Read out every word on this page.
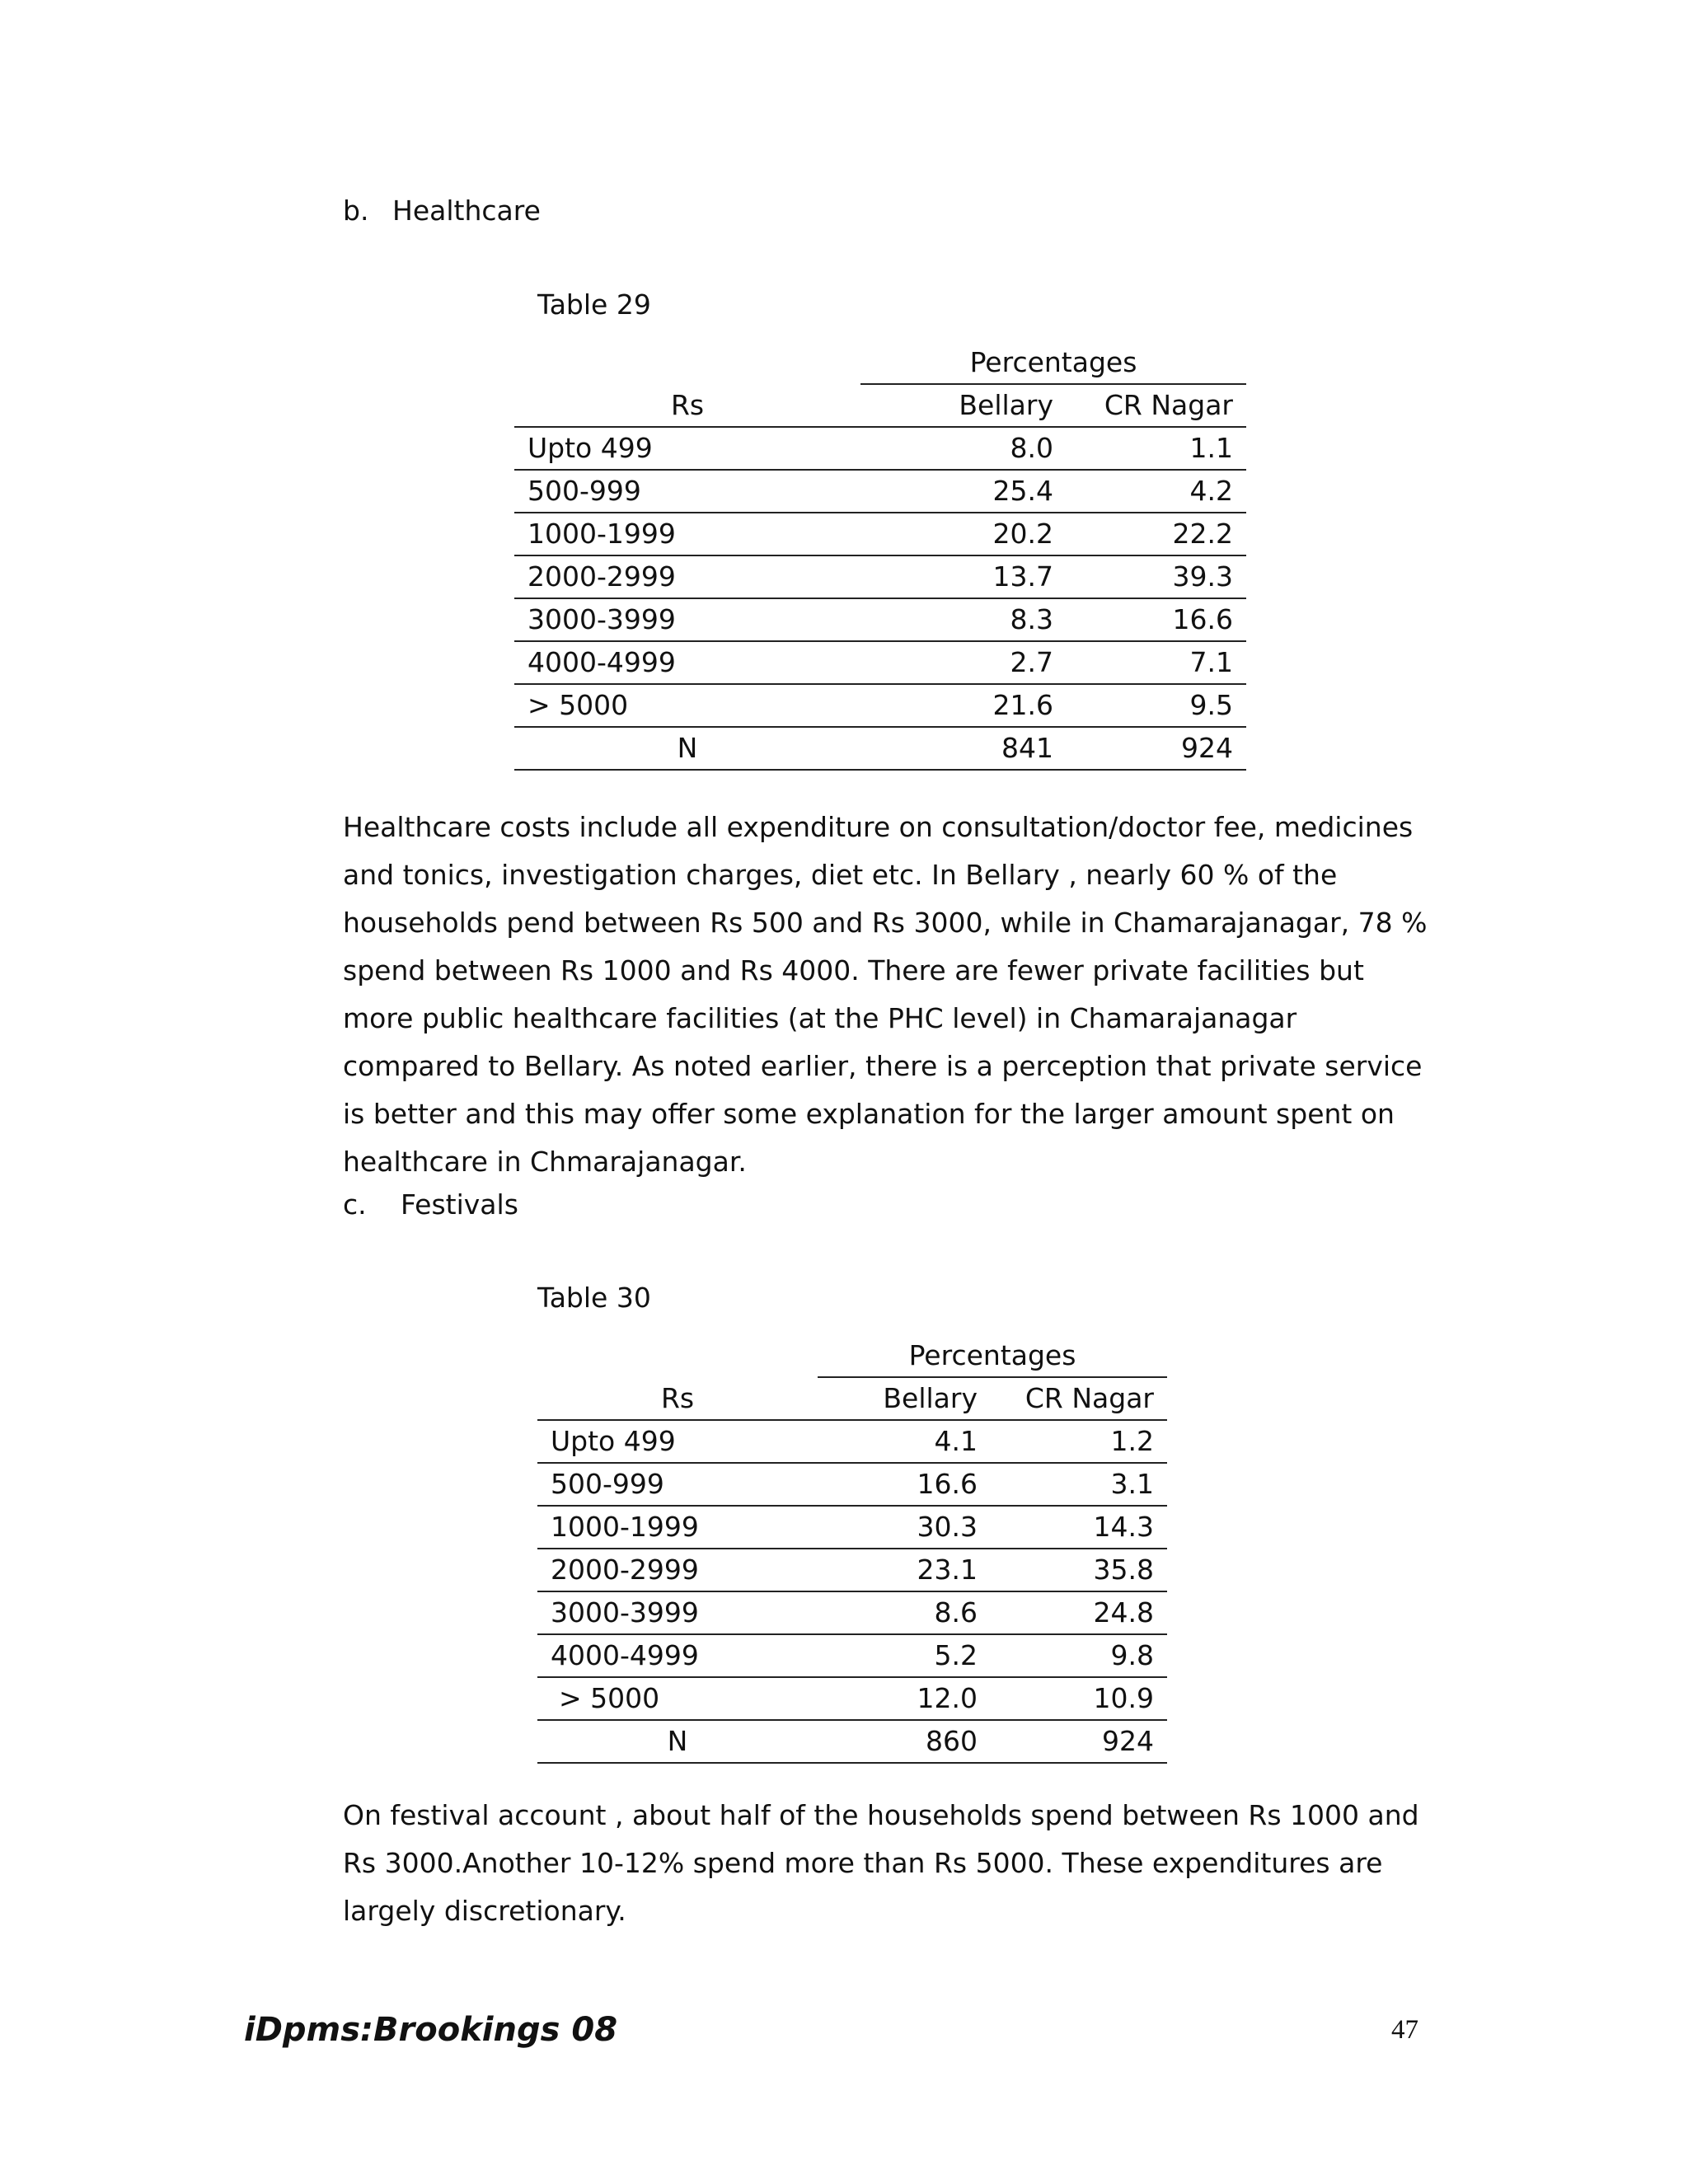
b. Healthcare
Table 29
	Percentages	
Rs	Bellary	CR Nagar
Upto 499	8.0	1.1
500-999	25.4	4.2
1000-1999	20.2	22.2
2000-2999	13.7	39.3
3000-3999	8.3	16.6
4000-4999	2.7	7.1
> 5000	21.6	9.5
N	841	924
Healthcare costs include all expenditure on consultation/doctor fee, medicines and tonics, investigation charges, diet etc. In Bellary , nearly 60 % of the households pend between Rs 500 and Rs 3000, while in Chamarajanagar, 78 % spend between Rs 1000 and Rs 4000. There are fewer private facilities but more public healthcare facilities (at the PHC level) in Chamarajanagar compared to Bellary. As noted earlier, there is a perception that private service is better and this may offer some explanation for the larger amount spent on healthcare in Chmarajanagar.
c. Festivals
Table 30
	Percentages	
Rs	Bellary	CR Nagar
Upto 499	4.1	1.2
500-999	16.6	3.1
1000-1999	30.3	14.3
2000-2999	23.1	35.8
3000-3999	8.6	24.8
4000-4999	5.2	9.8
> 5000	12.0	10.9
N	860	924
On festival account , about half of the households spend between Rs 1000 and Rs 3000.Another 10-12% spend more than Rs 5000. These expenditures are largely discretionary.
iDpms:Brookings 08	47
